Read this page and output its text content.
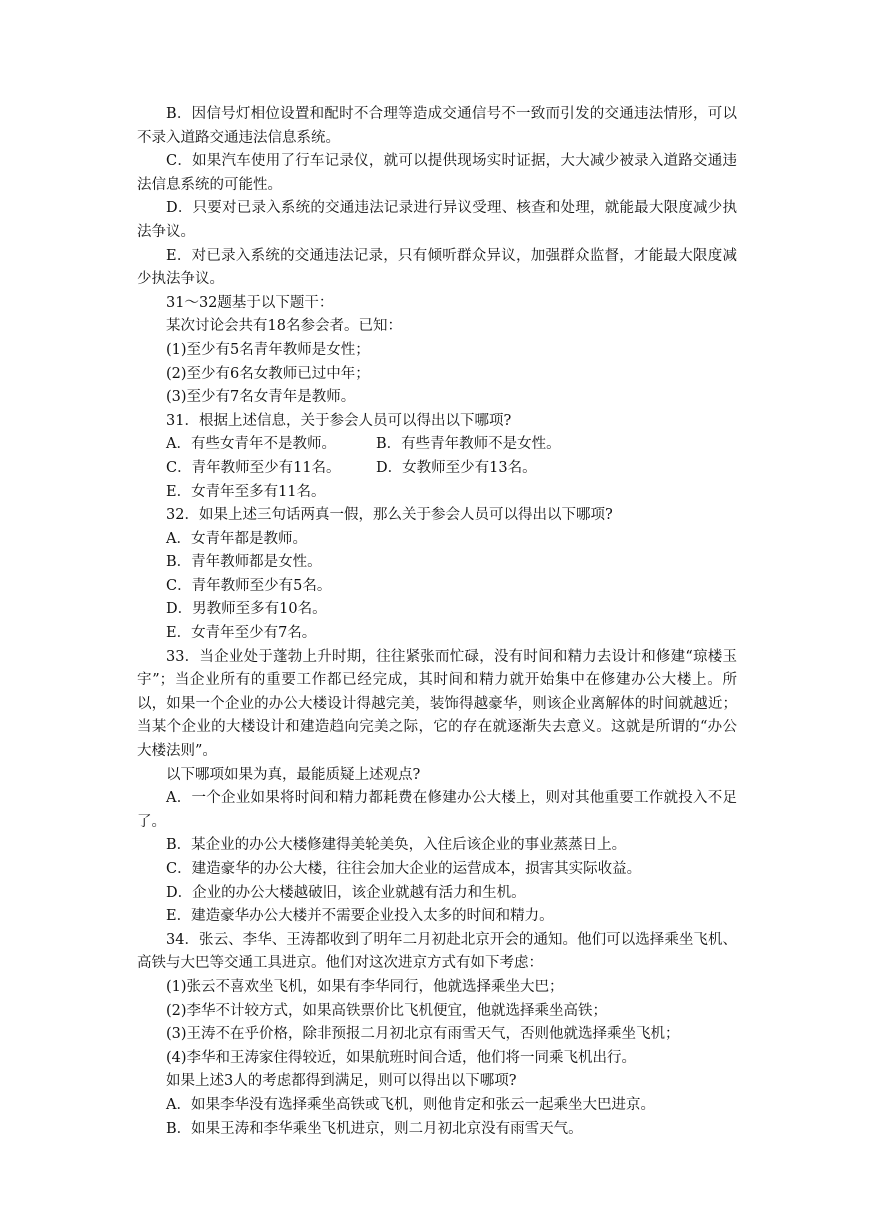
B．因信号灯相位设置和配时不合理等造成交通信号不一致而引发的交通违法情形，可以不录入道路交通违法信息系统。

C．如果汽车使用了行车记录仪，就可以提供现场实时证据，大大减少被录入道路交通违法信息系统的可能性。

D．只要对已录入系统的交通违法记录进行异议受理、核查和处理，就能最大限度减少执法争议。

E．对已录入系统的交通违法记录，只有倾听群众异议，加强群众监督，才能最大限度减少执法争议。

31～32题基于以下题干：

某次讨论会共有18名参会者。已知：

(1)至少有5名青年教师是女性；

(2)至少有6名女教师已过中年；

(3)至少有7名女青年是教师。

31．根据上述信息，关于参会人员可以得出以下哪项?

A．有些女青年不是教师。	B．有些青年教师不是女性。
C．青年教师至少有11名。	D．女教师至少有13名。

E．女青年至多有11名。

32．如果上述三句话两真一假，那么关于参会人员可以得出以下哪项?

A．女青年都是教师。

B．青年教师都是女性。

C．青年教师至少有5名。

D．男教师至多有10名。

E．女青年至少有7名。

33．当企业处于蓬勃上升时期，往往紧张而忙碌，没有时间和精力去设计和修建“琼楼玉宇”；当企业所有的重要工作都已经完成，其时间和精力就开始集中在修建办公大楼上。所以，如果一个企业的办公大楼设计得越完美，装饰得越豪华，则该企业离解体的时间就越近；当某个企业的大楼设计和建造趋向完美之际，它的存在就逐渐失去意义。这就是所谓的“办公大楼法则”。

以下哪项如果为真，最能质疑上述观点?

A．一个企业如果将时间和精力都耗费在修建办公大楼上，则对其他重要工作就投入不足了。

B．某企业的办公大楼修建得美轮美奂，入住后该企业的事业蒸蒸日上。

C．建造豪华的办公大楼，往往会加大企业的运营成本，损害其实际收益。

D．企业的办公大楼越破旧，该企业就越有活力和生机。

E．建造豪华办公大楼并不需要企业投入太多的时间和精力。

34．张云、李华、王涛都收到了明年二月初赴北京开会的通知。他们可以选择乘坐飞机、高铁与大巴等交通工具进京。他们对这次进京方式有如下考虑：

(1)张云不喜欢坐飞机，如果有李华同行，他就选择乘坐大巴；

(2)李华不计较方式，如果高铁票价比飞机便宜，他就选择乘坐高铁；

(3)王涛不在乎价格，除非预报二月初北京有雨雪天气，否则他就选择乘坐飞机；

(4)李华和王涛家住得较近，如果航班时间合适，他们将一同乘飞机出行。

如果上述3人的考虑都得到满足，则可以得出以下哪项?

A．如果李华没有选择乘坐高铁或飞机，则他肯定和张云一起乘坐大巴进京。

B．如果王涛和李华乘坐飞机进京，则二月初北京没有雨雪天气。
